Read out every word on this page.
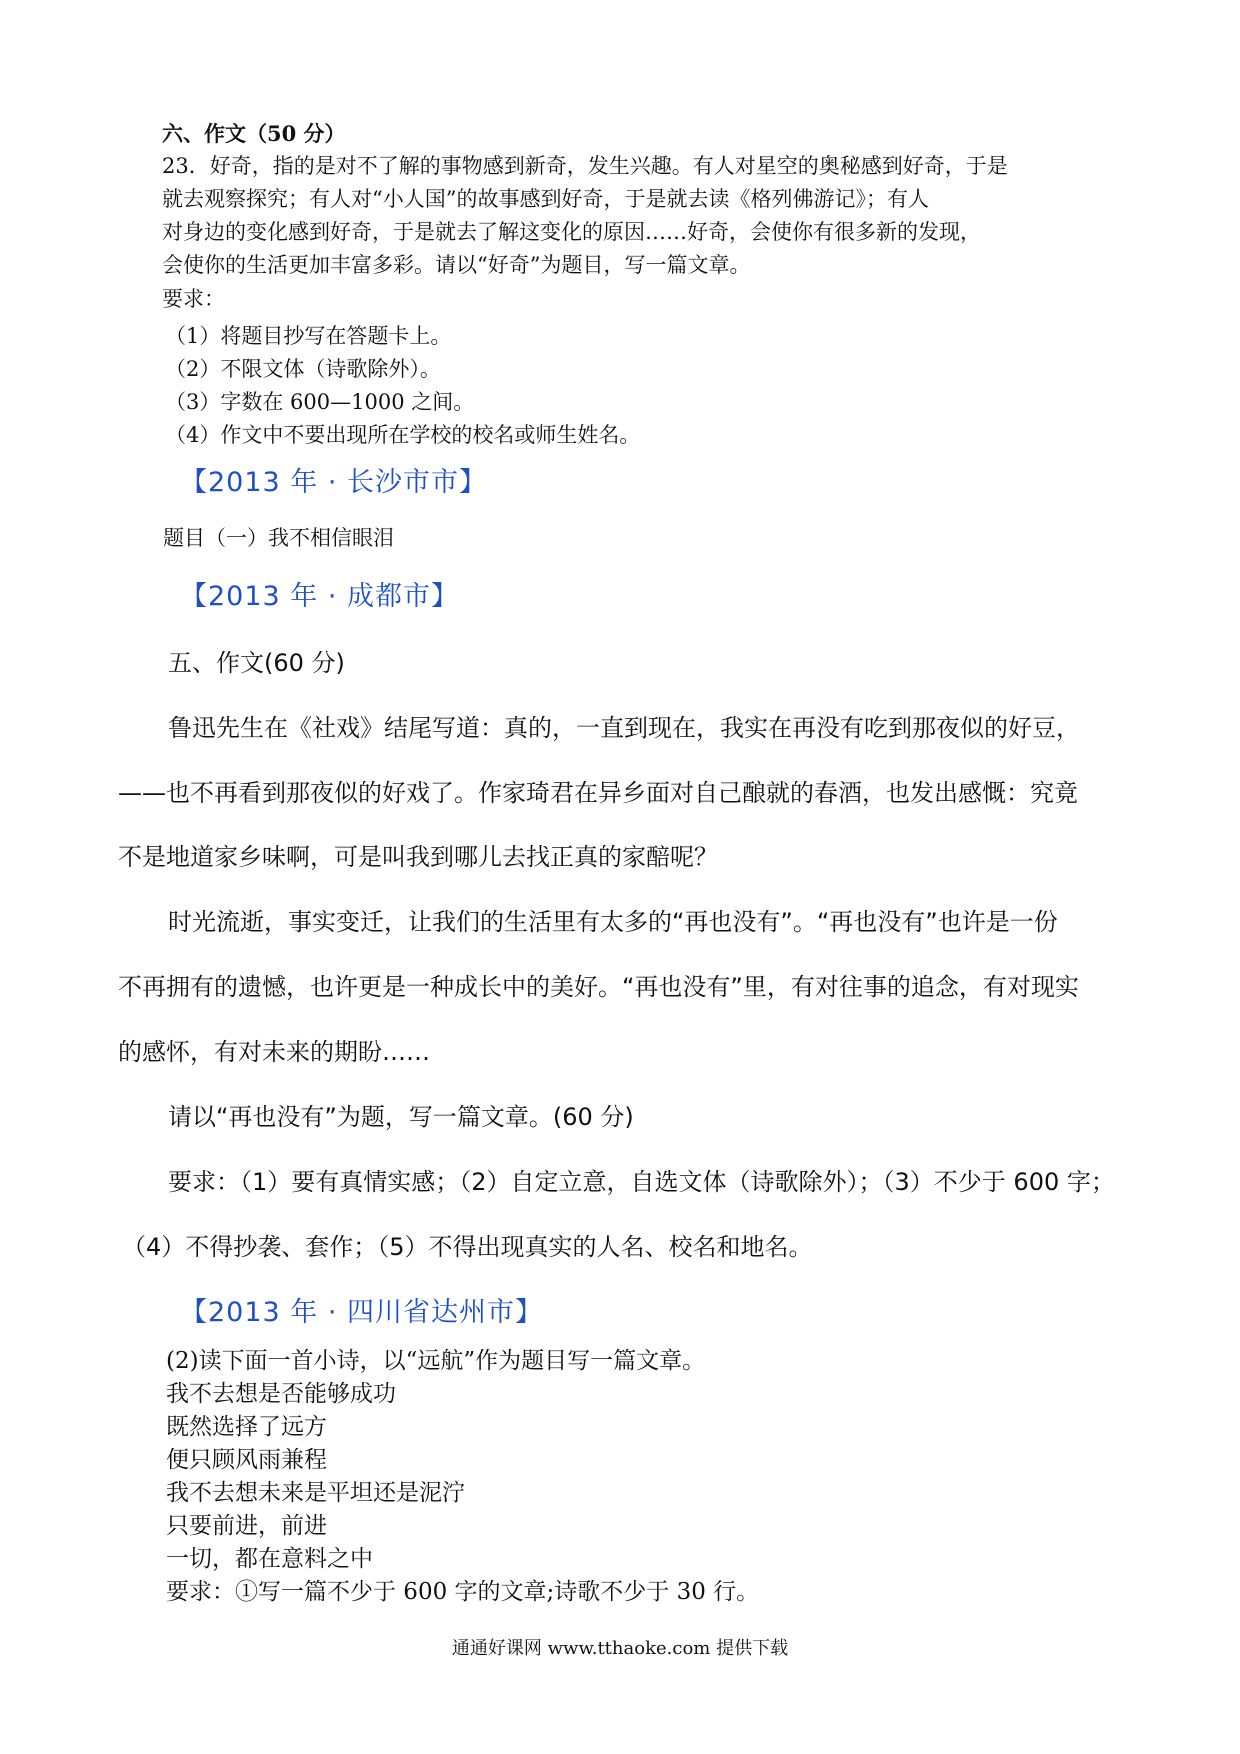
六、作文（50 分）
23．好奇，指的是对不了解的事物感到新奇，发生兴趣。有人对星空的奥秘感到好奇，于是
就去观察探究；有人对“小人国”的故事感到好奇，于是就去读《格列佛游记》；有人
对身边的变化感到好奇，于是就去了解这变化的原因……好奇，会使你有很多新的发现，
会使你的生活更加丰富多彩。请以“好奇”为题目，写一篇文章。
要求：
（1）将题目抄写在答题卡上。
（2）不限文体（诗歌除外）。
（3）字数在 600—1000 之间。
（4）作文中不要出现所在学校的校名或师生姓名。
【2013 年 · 长沙市市】
题目（一）我不相信眼泪
【2013 年 · 成都市】
五、作文(60 分)
鲁迅先生在《社戏》结尾写道：真的，一直到现在，我实在再没有吃到那夜似的好豆，
——也不再看到那夜似的好戏了。作家琦君在异乡面对自己酿就的春酒，也发出感慨：究竟
不是地道家乡味啊，可是叫我到哪儿去找正真的家醅呢？
时光流逝，事实变迁，让我们的生活里有太多的“再也没有”。“再也没有”也许是一份
不再拥有的遗憾，也许更是一种成长中的美好。“再也没有”里，有对往事的追念，有对现实
的感怀，有对未来的期盼……
请以“再也没有”为题，写一篇文章。(60 分)
要求：（1）要有真情实感；（2）自定立意，自选文体（诗歌除外）；（3）不少于 600 字；
（4）不得抄袭、套作；（5）不得出现真实的人名、校名和地名。
【2013 年 · 四川省达州市】
(2)读下面一首小诗，以“远航”作为题目写一篇文章。
我不去想是否能够成功
既然选择了远方
便只顾风雨兼程
我不去想未来是平坦还是泥泞
只要前进，前进
一切，都在意料之中
要求：①写一篇不少于 600 字的文章;诗歌不少于 30 行。
通通好课网 www.tthaoke.com 提供下载
